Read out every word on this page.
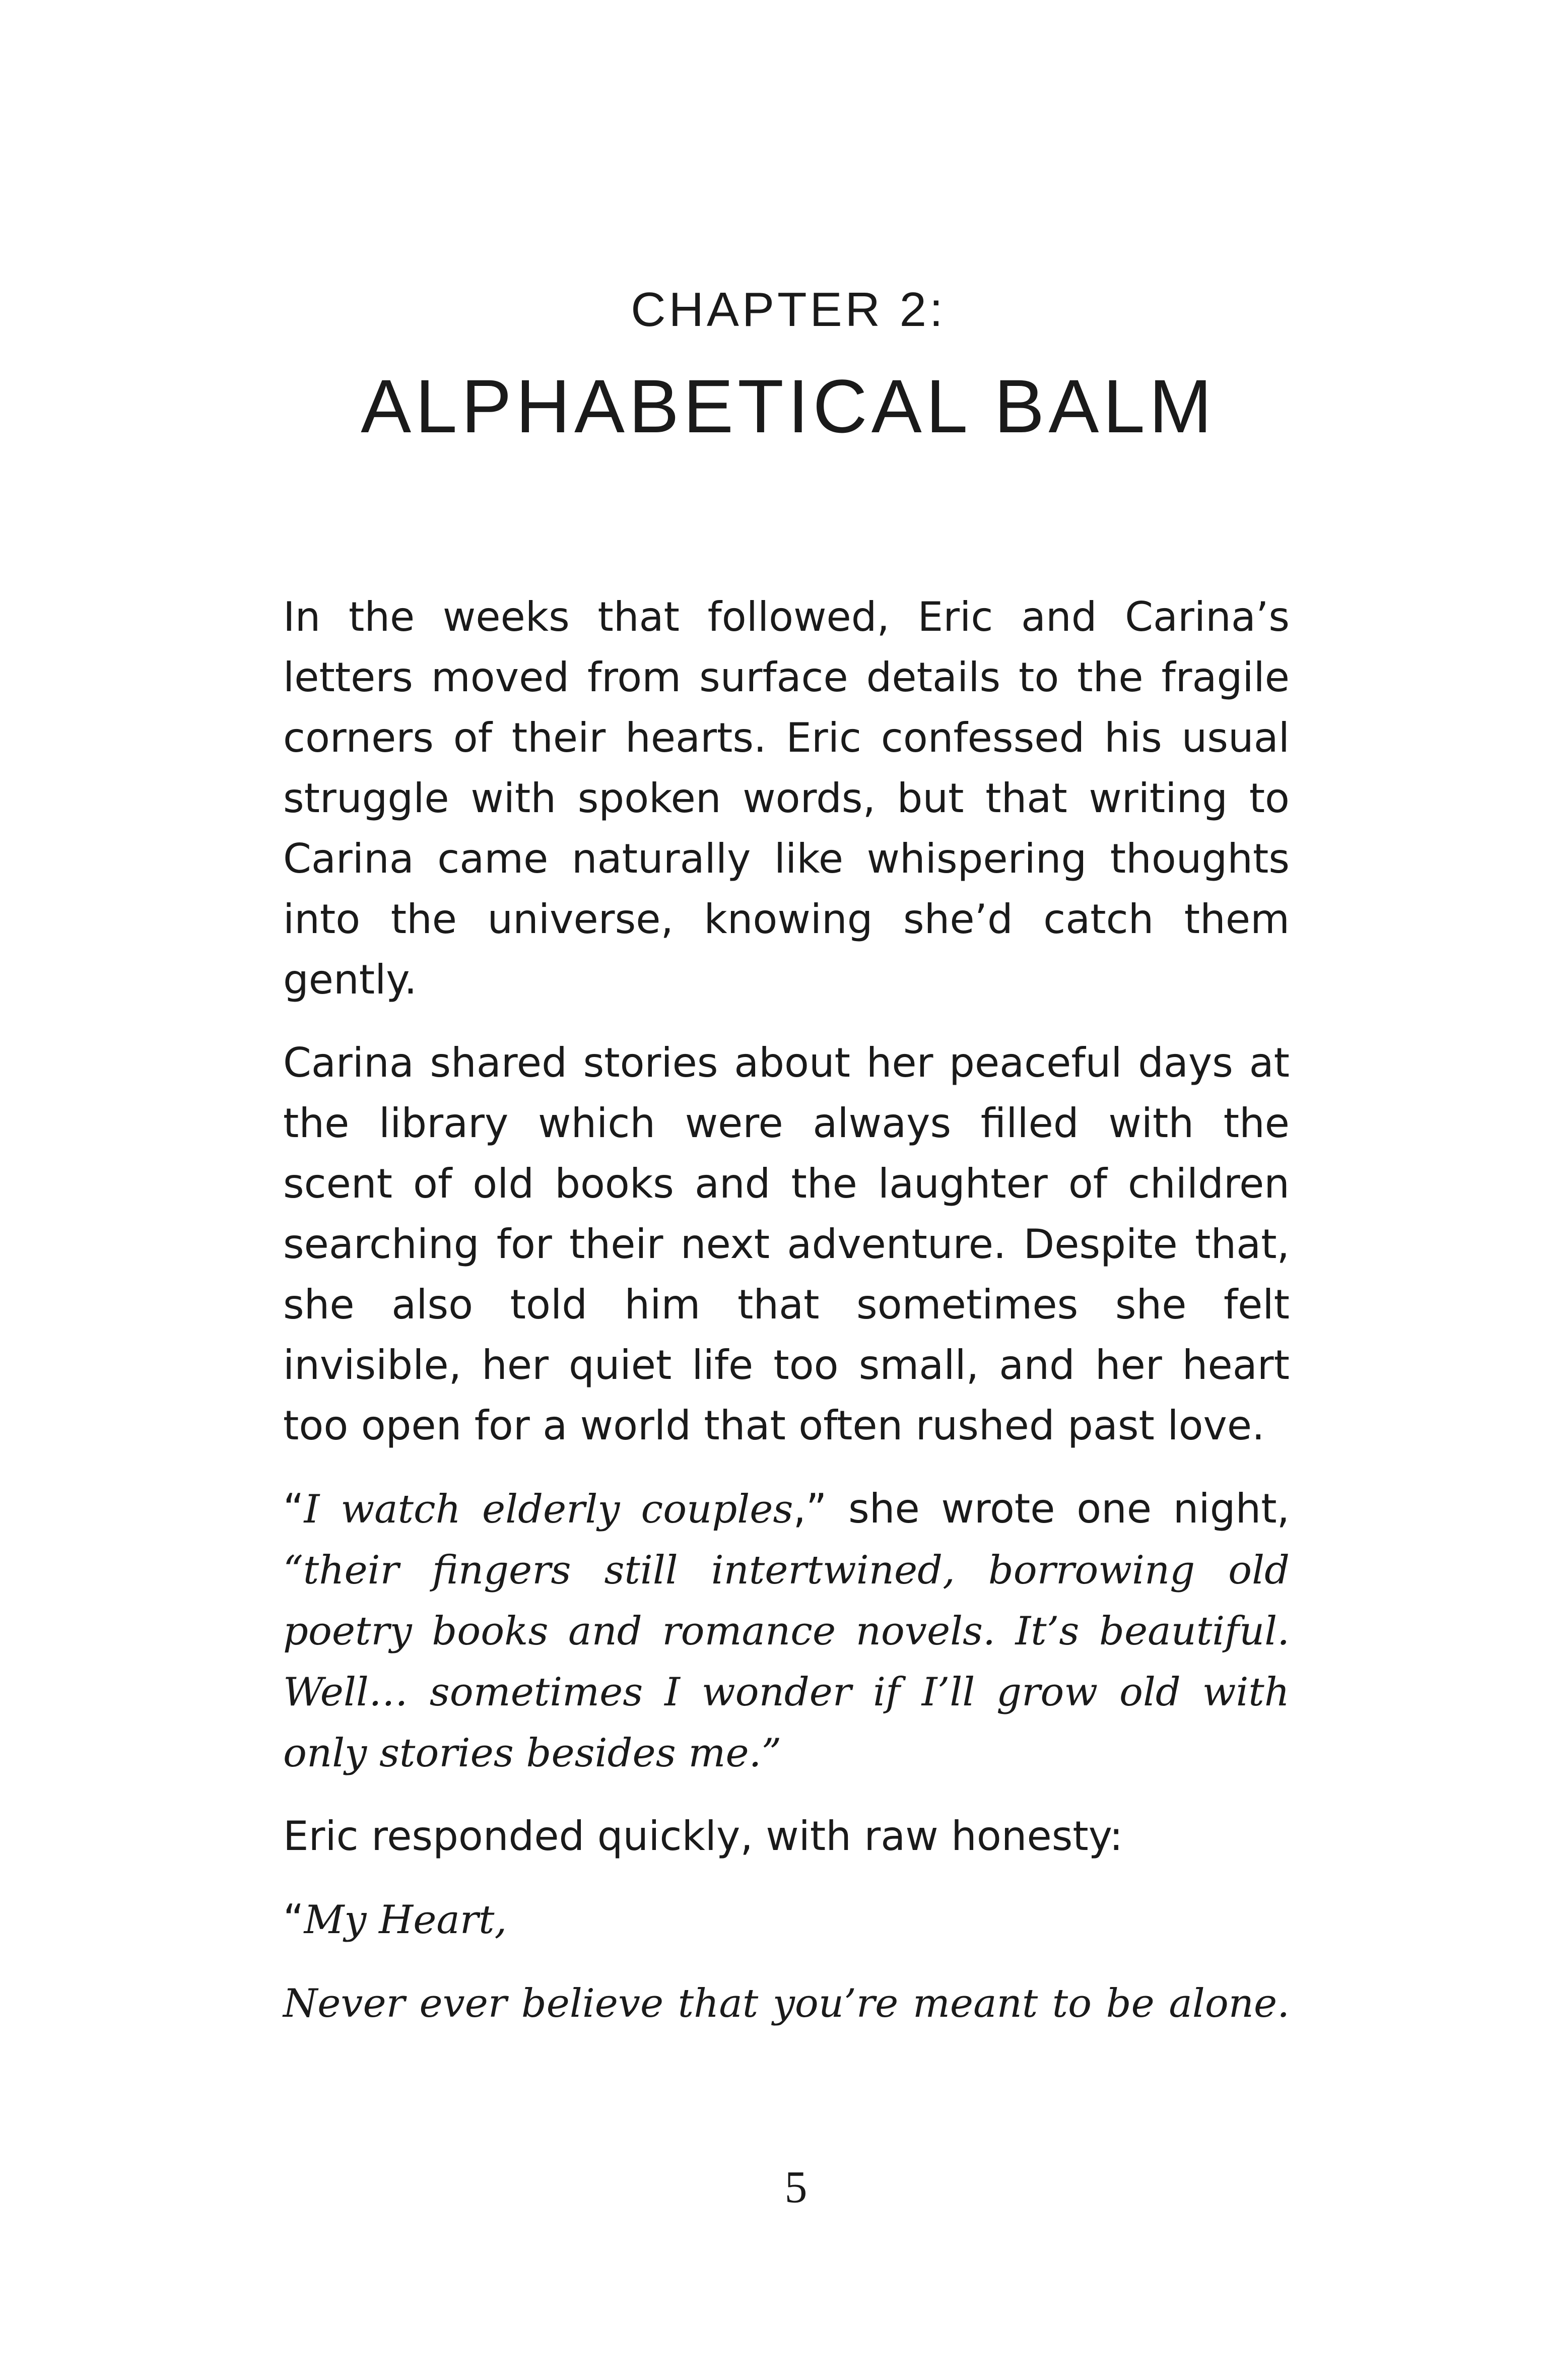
CHAPTER 2:
ALPHABETICAL BALM

In the weeks that followed, Eric and Carina’s letters moved from surface details to the fragile corners of their hearts. Eric confessed his usual struggle with spoken words, but that writing to Carina came naturally like whispering thoughts into the universe, knowing she’d catch them gently.

Carina shared stories about her peaceful days at the library which were always filled with the scent of old books and the laughter of children searching for their next adventure. Despite that, she also told him that sometimes she felt invisible, her quiet life too small, and her heart too open for a world that often rushed past love.

“I watch elderly couples,” she wrote one night, “their fingers still intertwined, borrowing old poetry books and romance novels. It’s beautiful. Well… sometimes I wonder if I’ll grow old with only stories besides me.”

Eric responded quickly, with raw honesty:

“My Heart,

Never ever believe that you’re meant to be alone.

5
